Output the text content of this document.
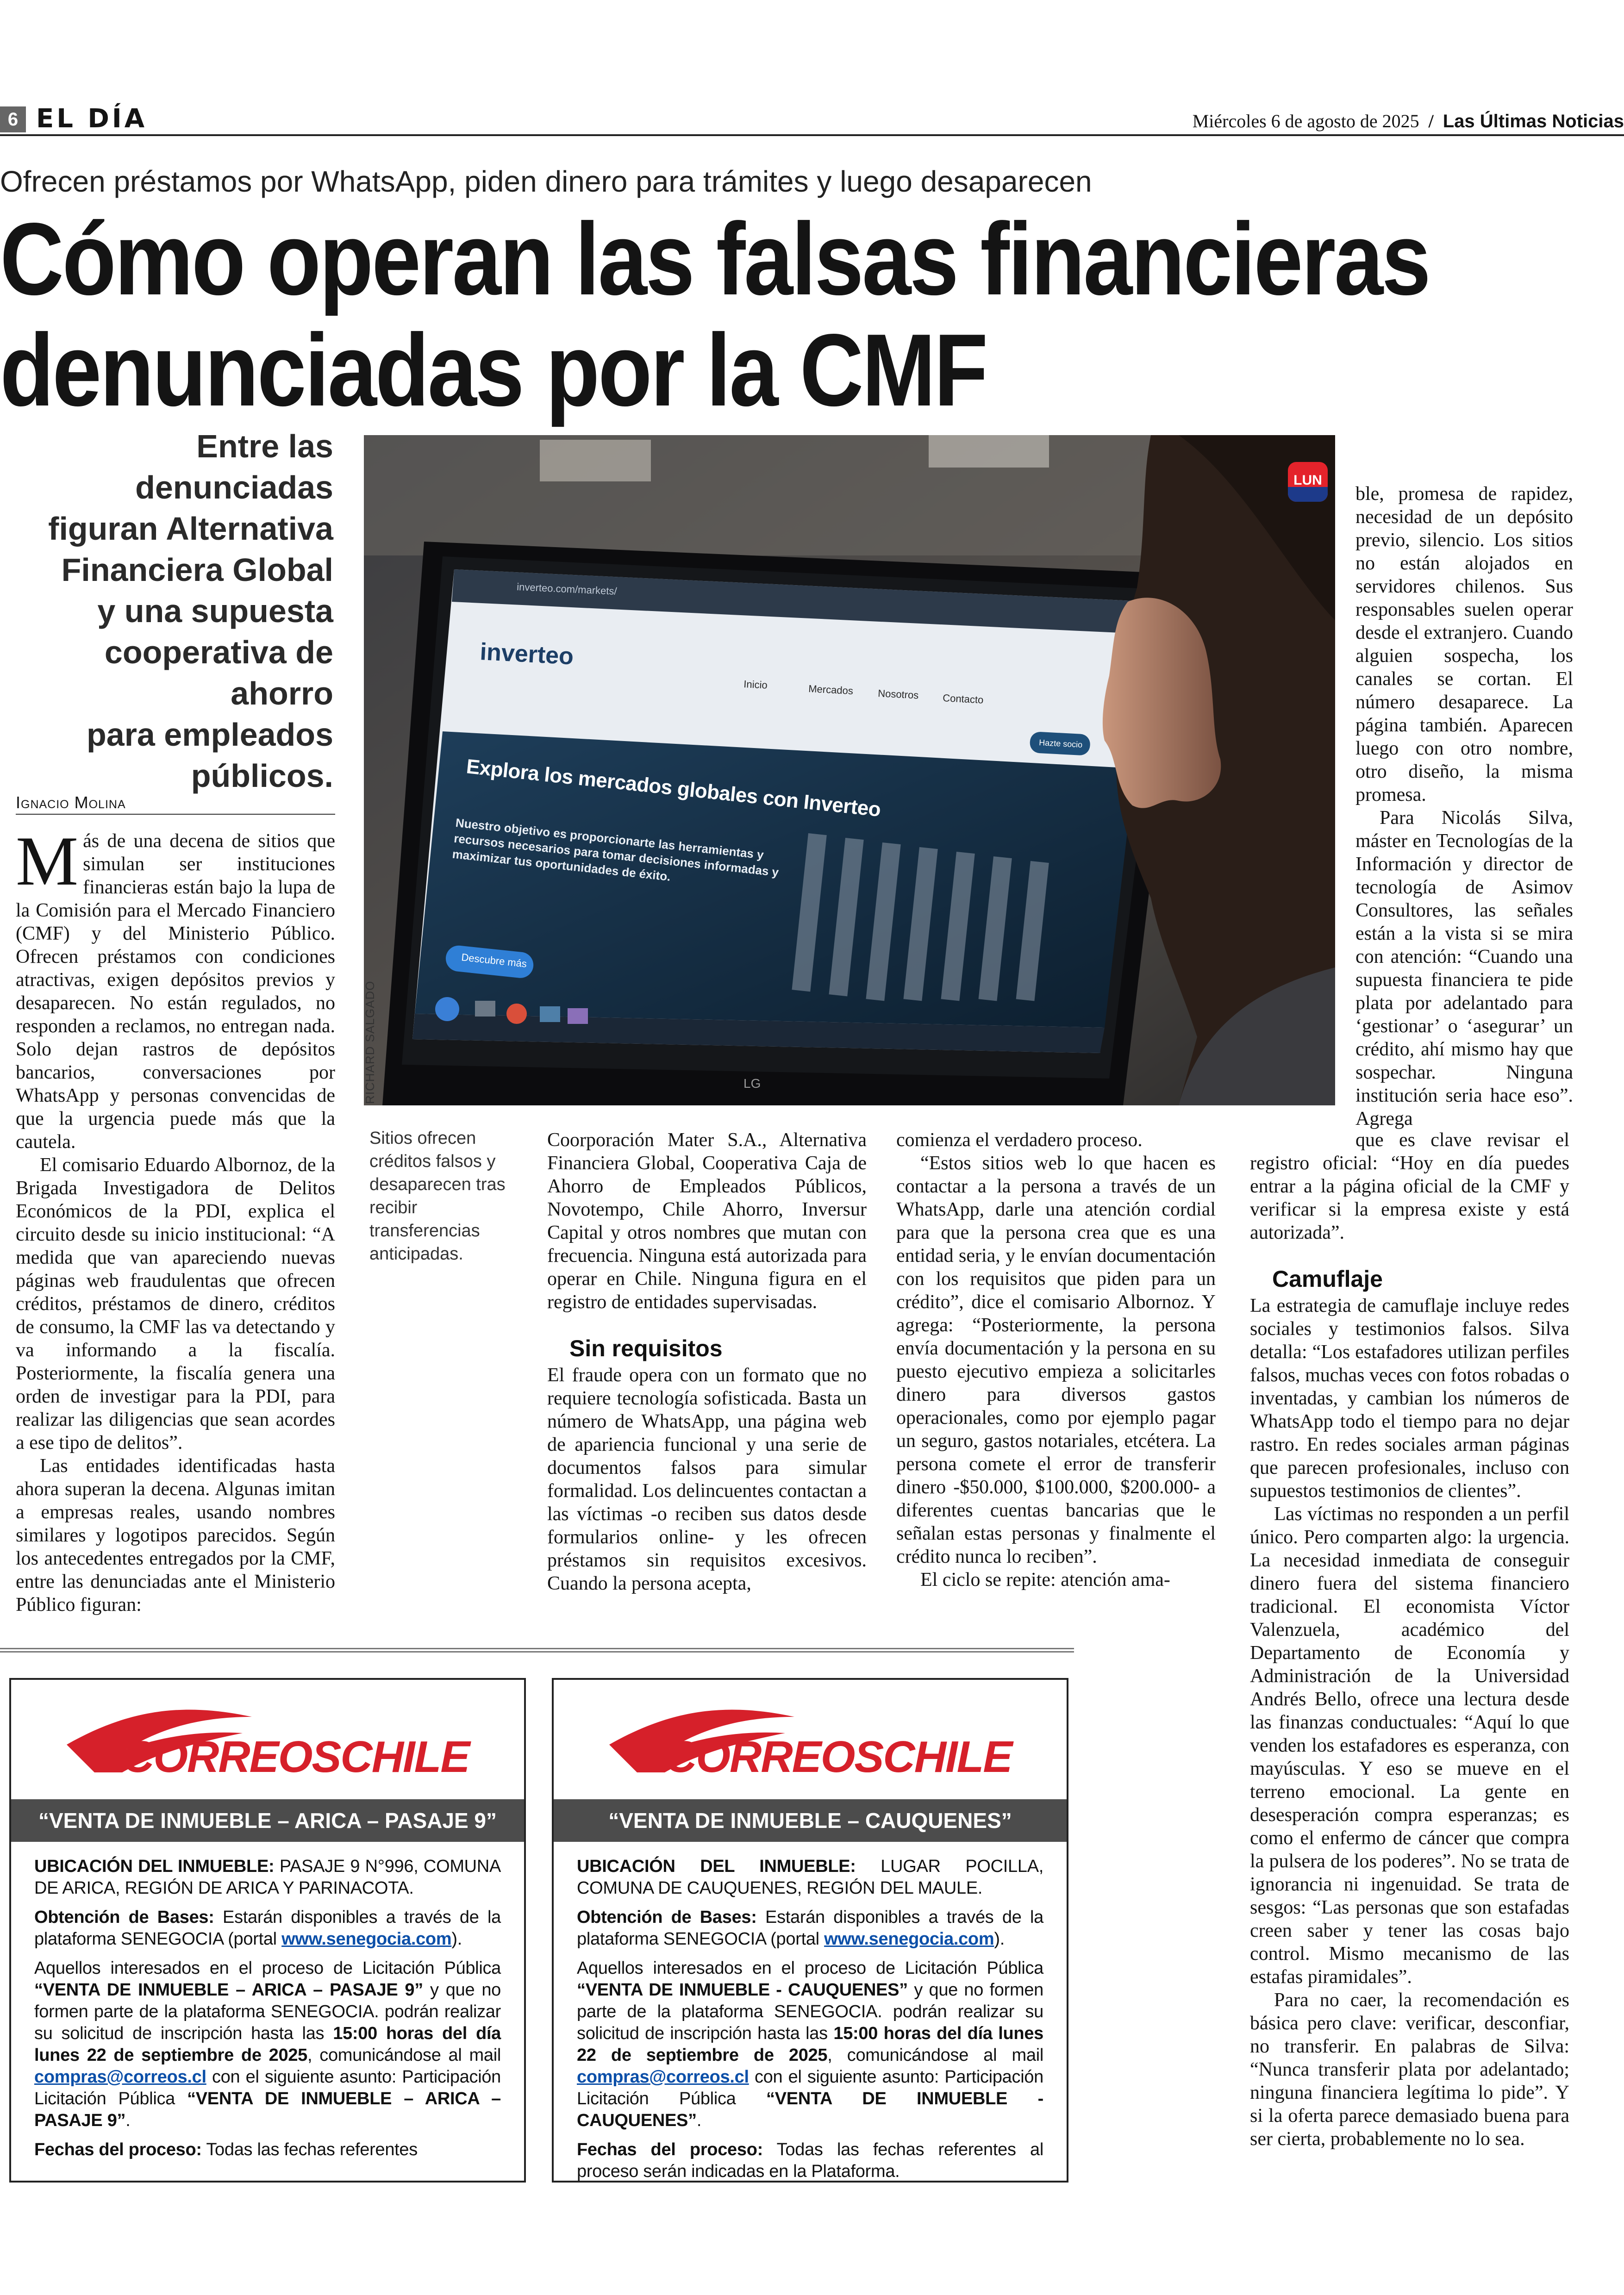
6 EL DÍA	Miércoles 6 de agosto de 2025 / Las Últimas Noticias
Ofrecen préstamos por WhatsApp, piden dinero para trámites y luego desaparecen
Cómo operan las falsas financieras
denunciadas por la CMF
Entre las denunciadas
figuran Alternativa
Financiera Global
y una supuesta
cooperativa de ahorro
para empleados
públicos.
Ignacio Molina

Más de una decena de sitios que simulan ser instituciones financieras están bajo la lupa de la Comisión para el Mercado Financiero (CMF) y del Ministerio Público. Ofrecen préstamos con condiciones atractivas, exigen depósitos previos y desaparecen. No están regulados, no responden a reclamos, no entregan nada. Solo dejan rastros de depósitos bancarios, conversaciones por WhatsApp y personas convencidas de que la urgencia puede más que la cautela.

El comisario Eduardo Albornoz, de la Brigada Investigadora de Delitos Económicos de la PDI, explica el circuito desde su inicio institucional: “A medida que van apareciendo nuevas páginas web fraudulentas que ofrecen créditos, préstamos de dinero, créditos de consumo, la CMF las va detectando y va informando a la fiscalía. Posteriormente, la fiscalía genera una orden de investigar para la PDI, para realizar las diligencias que sean acordes a ese tipo de delitos”.

Las entidades identificadas hasta ahora superan la decena. Algunas imitan a empresas reales, usando nombres similares y logotipos parecidos. Según los antecedentes entregados por la CMF, entre las denunciadas ante el Ministerio Público figuran:

inverteo.com/markets/
inverteo
Inicio	Mercados Nosotros Contacto
Hazte socio
Explora los mercados globales con Inverteo
Nuestro objetivo es proporcionarte las herramientas y recursos necesarios para tomar decisiones informadas y maximizar tus oportunidades de éxito.
Descubre más
LG
LUN
RICHARD SALGADO
Sitios ofrecen créditos falsos y desaparecen tras recibir transferencias anticipadas.

Coorporación Mater S.A., Alternativa Financiera Global, Cooperativa Caja de Ahorro de Empleados Públicos, Novotempo, Chile Ahorro, Inversur Capital y otros nombres que mutan con frecuencia. Ninguna está autorizada para operar en Chile. Ninguna figura en el registro de entidades supervisadas.

Sin requisitos

El fraude opera con un formato que no requiere tecnología sofisticada. Basta un número de WhatsApp, una página web de apariencia funcional y una serie de documentos falsos para simular formalidad. Los delincuentes contactan a las víctimas -o reciben sus datos desde formularios online- y les ofrecen préstamos sin requisitos excesivos. Cuando la persona acepta,

comienza el verdadero proceso.

“Estos sitios web lo que hacen es contactar a la persona a través de un WhatsApp, darle una atención cordial para que la persona crea que es una entidad seria, y le envían documentación con los requisitos que piden para un crédito”, dice el comisario Albornoz. Y agrega: “Posteriormente, la persona envía documentación y la persona en su puesto ejecutivo empieza a solicitarles dinero para diversos gastos operacionales, como por ejemplo pagar un seguro, gastos notariales, etcétera. La persona comete el error de transferir dinero -$50.000, $100.000, $200.000- a diferentes cuentas bancarias que le señalan estas personas y finalmente el crédito nunca lo reciben”.

El ciclo se repite: atención ama-

ble, promesa de rapidez, necesidad de un depósito previo, silencio. Los sitios no están alojados en servidores chilenos. Sus responsables suelen operar desde el extranjero. Cuando alguien sospecha, los canales se cortan. El número desaparece. La página también. Aparecen luego con otro nombre, otro diseño, la misma promesa.

Para Nicolás Silva, máster en Tecnologías de la Información y director de tecnología de Asimov Consultores, las señales están a la vista si se mira con atención: “Cuando una supuesta financiera te pide plata por adelantado para ‘gestionar’ o ‘asegurar’ un crédito, ahí mismo hay que sospechar. Ninguna institución seria hace eso”. Agrega

que es clave revisar el registro oficial: “Hoy en día puedes entrar a la página oficial de la CMF y verificar si la empresa existe y está autorizada”.

Camuflaje

La estrategia de camuflaje incluye redes sociales y testimonios falsos. Silva detalla: “Los estafadores utilizan perfiles falsos, muchas veces con fotos robadas o inventadas, y cambian los números de WhatsApp todo el tiempo para no dejar rastro. En redes sociales arman páginas que parecen profesionales, incluso con supuestos testimonios de clientes”.

Las víctimas no responden a un perfil único. Pero comparten algo: la urgencia. La necesidad inmediata de conseguir dinero fuera del sistema financiero tradicional. El economista Víctor Valenzuela, académico del Departamento de Economía y Administración de la Universidad Andrés Bello, ofrece una lectura desde las finanzas conductuales: “Aquí lo que venden los estafadores es esperanza, con mayúsculas. Y eso se mueve en el terreno emocional. La gente en desesperación compra esperanzas; es como el enfermo de cáncer que compra la pulsera de los poderes”. No se trata de ignorancia ni ingenuidad. Se trata de sesgos: “Las personas que son estafadas creen saber y tener las cosas bajo control. Mismo mecanismo de las estafas piramidales”.

Para no caer, la recomendación es básica pero clave: verificar, desconfiar, no transferir. En palabras de Silva: “Nunca transferir plata por adelantado; ninguna financiera legítima lo pide”. Y si la oferta parece demasiado buena para ser cierta, probablemente no lo sea.

CORREOSCHILE
“VENTA DE INMUEBLE – ARICA – PASAJE 9”

UBICACIÓN DEL INMUEBLE: PASAJE 9 N°996, COMUNA DE ARICA, REGIÓN DE ARICA Y PARINACOTA.

Obtención de Bases: Estarán disponibles a través de la plataforma SENEGOCIA (portal www.senegocia.com).

Aquellos interesados en el proceso de Licitación Pública “VENTA DE INMUEBLE – ARICA – PASAJE 9” y que no formen parte de la plataforma SENEGOCIA. podrán realizar su solicitud de inscripción hasta las 15:00 horas del día lunes 22 de septiembre de 2025, comunicándose al mail compras@correos.cl con el siguiente asunto: Participación Licitación Pública “VENTA DE INMUEBLE – ARICA – PASAJE 9”.

Fechas del proceso: Todas las fechas referentes

CORREOSCHILE
“VENTA DE INMUEBLE – CAUQUENES”

UBICACIÓN DEL INMUEBLE: LUGAR POCILLA, COMUNA DE CAUQUENES, REGIÓN DEL MAULE.

Obtención de Bases: Estarán disponibles a través de la plataforma SENEGOCIA (portal www.senegocia.com).

Aquellos interesados en el proceso de Licitación Pública “VENTA DE INMUEBLE - CAUQUENES” y que no formen parte de la plataforma SENEGOCIA. podrán realizar su solicitud de inscripción hasta las 15:00 horas del día lunes 22 de septiembre de 2025, comunicándose al mail compras@correos.cl con el siguiente asunto: Participación Licitación Pública “VENTA DE INMUEBLE - CAUQUENES”.

Fechas del proceso: Todas las fechas referentes al proceso serán indicadas en la Plataforma.
